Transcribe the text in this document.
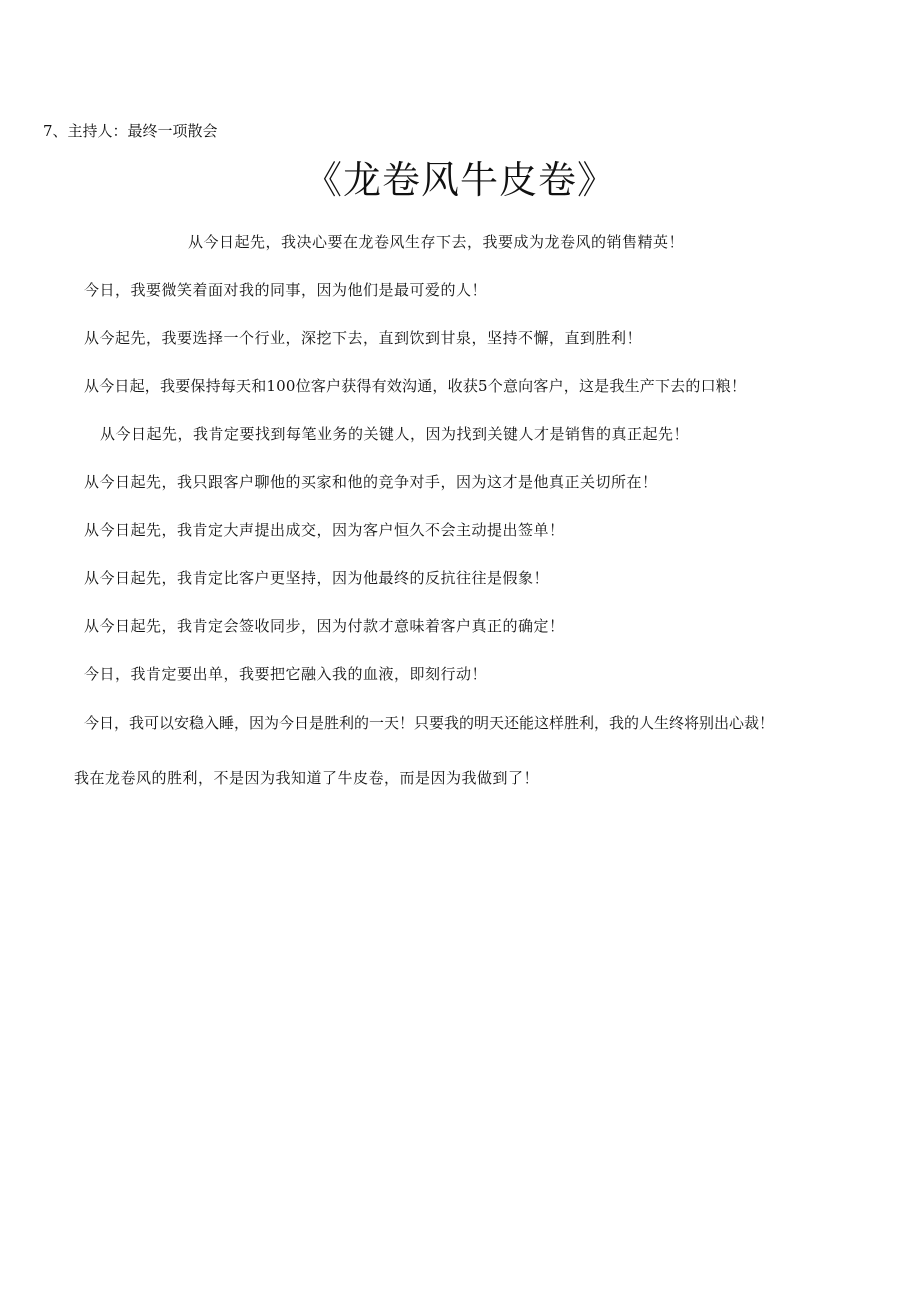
7、主持人：最终一项散会
《龙卷风牛皮卷》
从今日起先，我决心要在龙卷风生存下去，我要成为龙卷风的销售精英！
今日，我要微笑着面对我的同事，因为他们是最可爱的人！
从今起先，我要选择一个行业，深挖下去，直到饮到甘泉，坚持不懈，直到胜利！
从今日起，我要保持每天和100位客户获得有效沟通，收获5个意向客户，这是我生产下去的口粮！
从今日起先，我肯定要找到每笔业务的关键人，因为找到关键人才是销售的真正起先！
从今日起先，我只跟客户聊他的买家和他的竞争对手，因为这才是他真正关切所在！
从今日起先，我肯定大声提出成交，因为客户恒久不会主动提出签单！
从今日起先，我肯定比客户更坚持，因为他最终的反抗往往是假象！
从今日起先，我肯定会签收同步，因为付款才意味着客户真正的确定！
今日，我肯定要出单，我要把它融入我的血液，即刻行动！
今日，我可以安稳入睡，因为今日是胜利的一天！只要我的明天还能这样胜利，我的人生终将别出心裁！
我在龙卷风的胜利，不是因为我知道了牛皮卷，而是因为我做到了！
